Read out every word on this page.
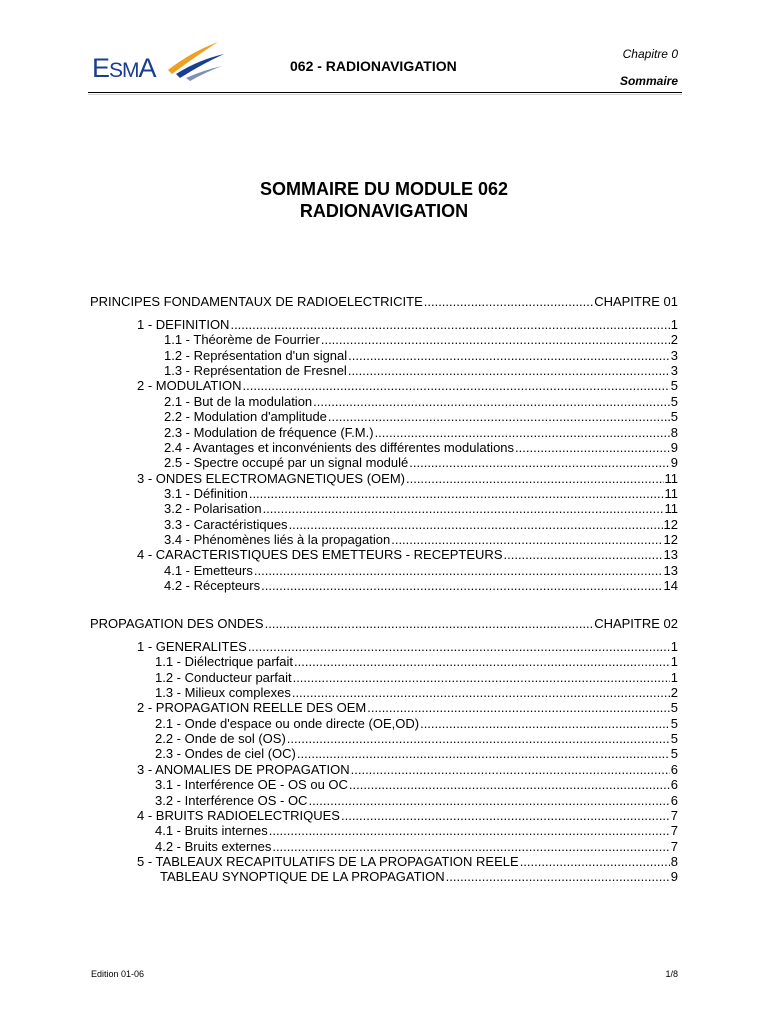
ESMA	062 - RADIONAVIGATION
Chapitre 0
Sommaire
SOMMAIRE DU MODULE 062
RADIONAVIGATION
PRINCIPES FONDAMENTAUX DE RADIOELECTRICITE .....	CHAPITRE 01
1 - DEFINITION .....	1
1.1 - Théorème de Fourrier .....	2
1.2 - Représentation d'un signal .....	3
1.3 - Représentation de Fresnel .....	3
2 - MODULATION .....	5
2.1 - But de la modulation .....	5
2.2 - Modulation d'amplitude .....	5
2.3 - Modulation de fréquence (F.M.) .....	8
2.4 - Avantages et inconvénients des différentes modulations .....	9
2.5 - Spectre occupé par un signal modulé .....	9
3 - ONDES ELECTROMAGNETIQUES (OEM) .....	11
3.1 - Définition .....	11
3.2 - Polarisation .....	11
3.3 - Caractéristiques .....	12
3.4 - Phénomènes liés à la propagation .....	12
4 - CARACTERISTIQUES DES EMETTEURS - RECEPTEURS .....	13
4.1 - Emetteurs .....	13
4.2 - Récepteurs .....	14
PROPAGATION DES ONDES .....	CHAPITRE 02
1 - GENERALITES .....	1
1.1 - Diélectrique parfait .....	1
1.2 - Conducteur parfait .....	1
1.3 - Milieux complexes .....	2
2 - PROPAGATION REELLE DES OEM .....	5
2.1 - Onde d'espace ou onde directe (OE,OD) .....	5
2.2 - Onde de sol (OS) .....	5
2.3 - Ondes de ciel (OC) .....	5
3 - ANOMALIES DE PROPAGATION .....	6
3.1 - Interférence OE - OS ou OC .....	6
3.2 - Interférence OS - OC .....	6
4 - BRUITS RADIOELECTRIQUES .....	7
4.1 - Bruits internes .....	7
4.2 - Bruits externes .....	7
5 - TABLEAUX RECAPITULATIFS DE LA PROPAGATION REELE .....	8
TABLEAU SYNOPTIQUE DE LA PROPAGATION .....	9
Edition 01-06	1/8
